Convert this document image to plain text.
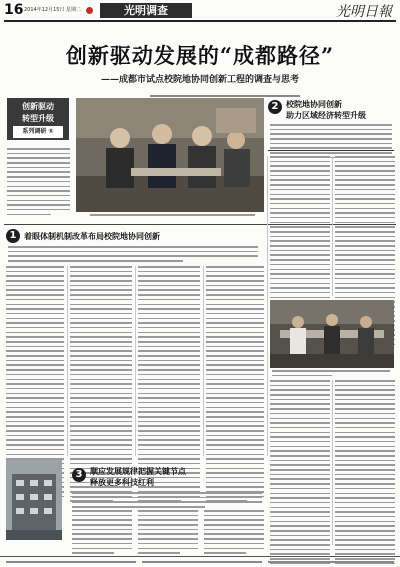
16 2014年12月15日 星期二	光明调查	光明日報
创新驱动发展的“成都路径”
——成都市试点校院地协同创新工程的调查与思考
创新驱动
转型升级
系列调研 ⑤
2 校院地协同创新
助力区域经济转型升级
1 着眼体制机制改革布局校院地协同创新
3 顺应发展规律把握关键节点
释放更多科技红利
